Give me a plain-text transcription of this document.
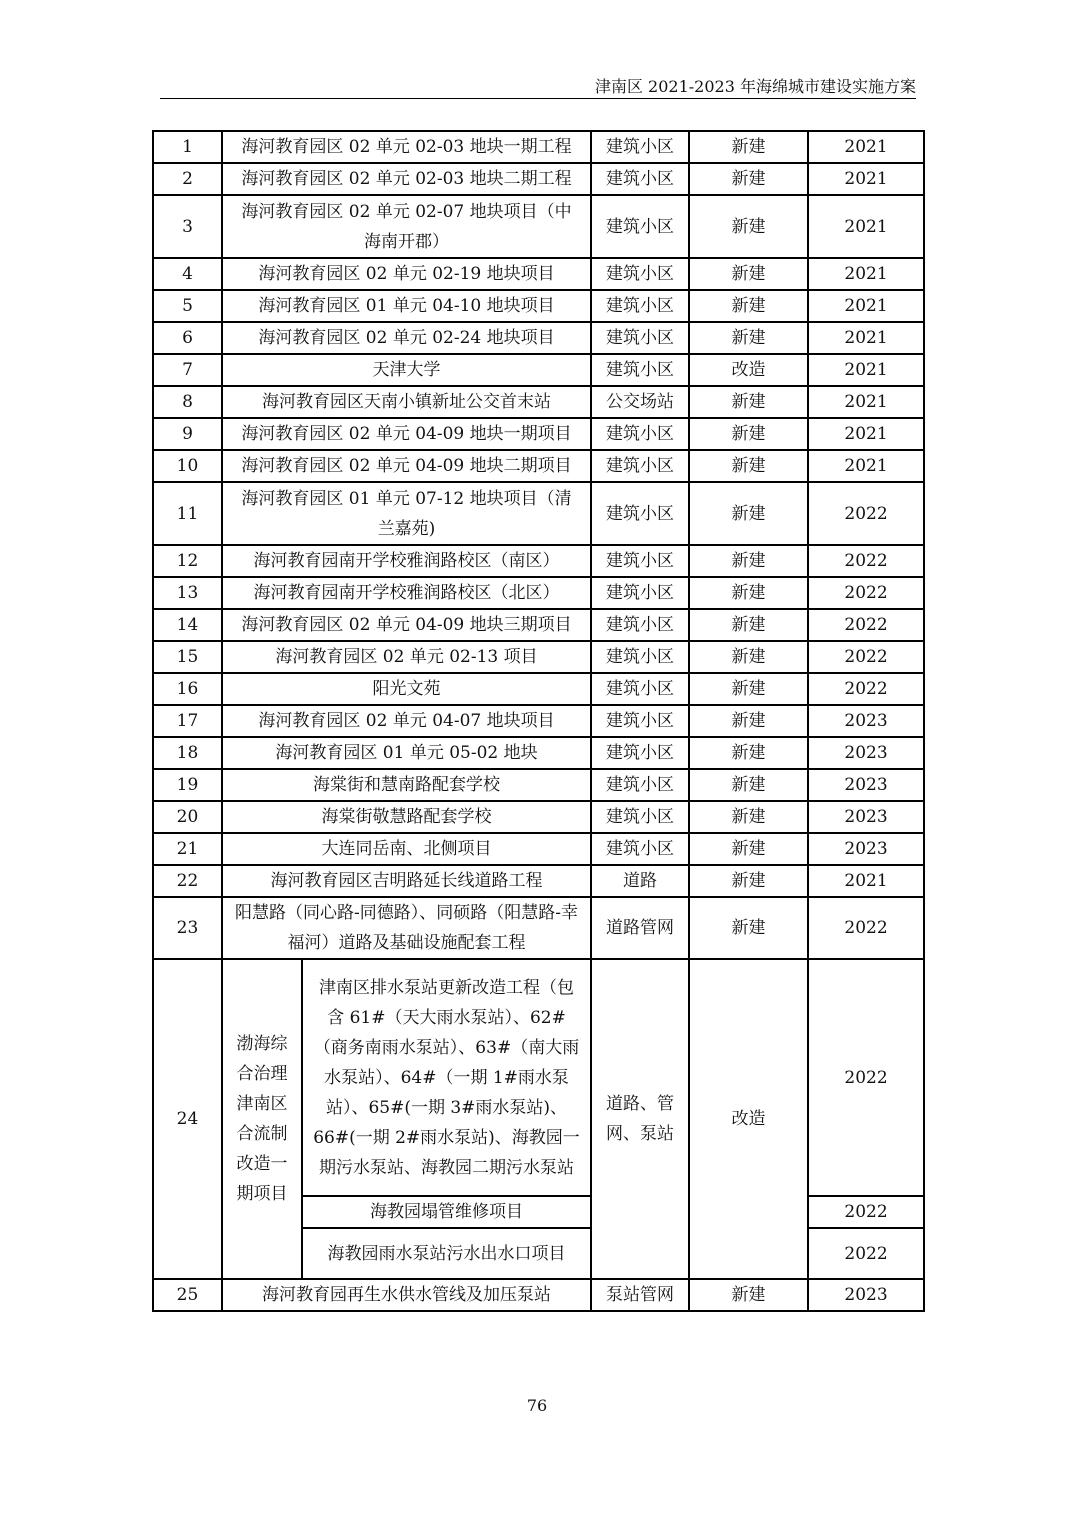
津南区 2021-2023 年海绵城市建设实施方案
1	海河教育园区 02 单元 02-03 地块一期工程		建筑小区	新建	2021
2	海河教育园区 02 单元 02-03 地块二期工程		建筑小区	新建	2021
3	海河教育园区 02 单元 02-07 地块项目（中海南开郡）		建筑小区	新建	2021
4	海河教育园区 02 单元 02-19 地块项目		建筑小区	新建	2021
5	海河教育园区 01 单元 04-10 地块项目		建筑小区	新建	2021
6	海河教育园区 02 单元 02-24 地块项目		建筑小区	新建	2021
7	天津大学		建筑小区	改造	2021
8	海河教育园区天南小镇新址公交首末站		公交场站	新建	2021
9	海河教育园区 02 单元 04-09 地块一期项目		建筑小区	新建	2021
10	海河教育园区 02 单元 04-09 地块二期项目		建筑小区	新建	2021
11	海河教育园区 01 单元 07-12 地块项目（清兰嘉苑)		建筑小区	新建	2022
12	海河教育园南开学校雅润路校区（南区）		建筑小区	新建	2022
13	海河教育园南开学校雅润路校区（北区）		建筑小区	新建	2022
14	海河教育园区 02 单元 04-09 地块三期项目		建筑小区	新建	2022
15	海河教育园区 02 单元 02-13 项目		建筑小区	新建	2022
16	阳光文苑		建筑小区	新建	2022
17	海河教育园区 02 单元 04-07 地块项目		建筑小区	新建	2023
18	海河教育园区 01 单元 05-02 地块		建筑小区	新建	2023
19	海棠街和慧南路配套学校		建筑小区	新建	2023
20	海棠街敬慧路配套学校		建筑小区	新建	2023
21	大连同岳南、北侧项目		建筑小区	新建	2023
22	海河教育园区吉明路延长线道路工程		道路	新建	2021
23	阳慧路（同心路-同德路）、同硕路（阳慧路-幸福河）道路及基础设施配套工程		道路管网	新建	2022
24	渤海综合治理津南区合流制改造一期项目	津南区排水泵站更新改造工程（包含 61#（天大雨水泵站）、62#（商务南雨水泵站）、63#（南大雨水泵站）、64#（一期 1#雨水泵站）、65#(一期 3#雨水泵站)、66#(一期 2#雨水泵站)、海教园一期污水泵站、海教园二期污水泵站	道路、管网、泵站	改造	2022
		海教园塌管维修项目			2022
		海教园雨水泵站污水出水口项目			2022
25	海河教育园再生水供水管线及加压泵站		泵站管网	新建	2023
76
